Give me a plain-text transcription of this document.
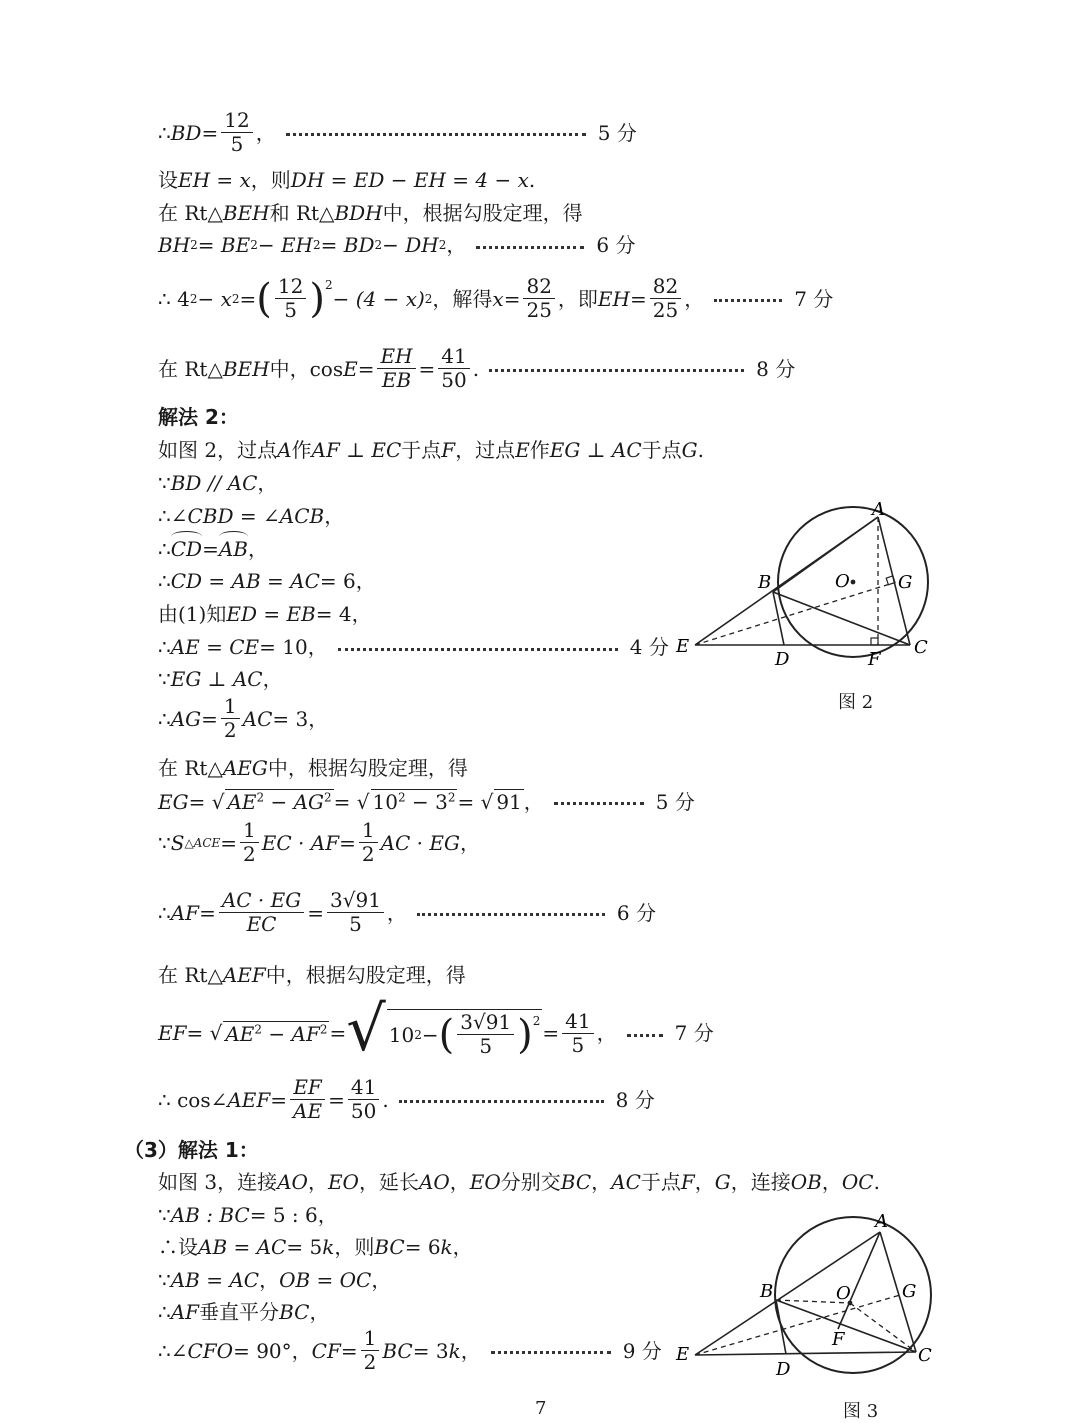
∴ BD = $\frac{12}{5}$ ，	5 分
设 EH = x ，则 DH = ED − EH = 4 − x .
在 Rt△ BEH 和 Rt△ BDH 中，根据勾股定理，得
BH 2 = BE 2 − EH 2 = BD 2 − DH 2 ，	6 分
∴ 4 2 − x 2 = ( $\frac{12}{5}$ ) 2
− (4 − x) 2 ，解得 $x = \frac{82}{25}$ ，即 EH = $\frac{82}{25}$ ，	7 分
在 Rt△ BEH 中，$\cos E = \frac{EH}{EB} = \frac{41}{50}$ .	8 分
解法 2：
如图 2，过点 A 作 AF ⊥ EC 于点 F ，过点 E 作 EG ⊥ AC 于点 G .
∵ BD // AC ，
∴ ∠CBD = ∠ACB ，
∴ CD = AB ，
∴ CD = AB = AC = 6，
由(1)知 ED = EB = 4，
∴ AE = CE = 10，	4 分
∵ EG ⊥ AC ，
∴ AG = $\frac{1}{2}$ AC = 3，
在 Rt△ AEG 中，根据勾股定理，得
EG = √ $AE^2 - AG^2$ = √ $10^2 - 3^2$ = √ 91 ，	5 分
∵ S △ACE = $\frac{1}{2}$ EC · AF = $\frac{1}{2}$ AC · EG ，
∴ AF = $\frac{AC \cdot EG}{EC} = \frac{3√91}{5}$ ，	6 分
在 Rt△ AEF 中，根据勾股定理，得
EF = √ $AE^2 - AF^2$ = √ 10 2 − ( $\frac{3√91}{5}$ ) 2
= $\frac{41}{5}$ ，	7 分
∴ cos ∠AEF = $\frac{EF}{AE} = \frac{41}{50}$ .	8 分
（3）解法 1：
如图 3，连接 AO ， EO ，延长 AO ， EO 分别交 BC ， AC 于点 F ， G ，连接 OB ， OC .
∵ AB : BC = 5 : 6，
∴设 AB = AC = 5 k ，则 BC = 6 k ，
∵ AB = AC ， OB = OC ，
∴ AF 垂直平分 BC ，
∴ ∠CFO = 90°， CF = $\frac{1}{2}$ BC = 3 k ，	9 分
A
B	O	G
E
D	F
C
图 2
A
B	O	G
E
D
F
C
图 3
7
